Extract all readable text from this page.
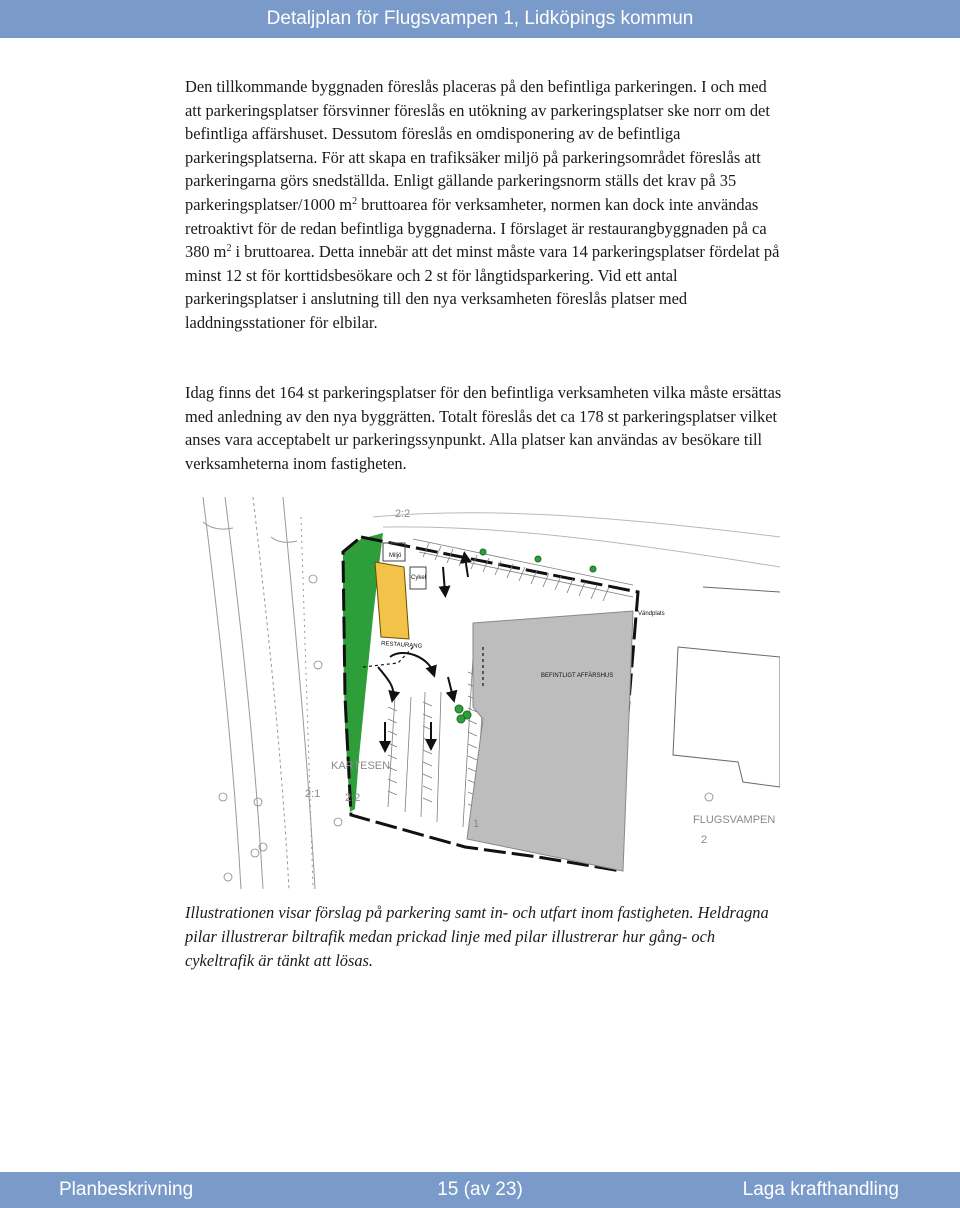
Detaljplan för Flugsvampen 1, Lidköpings kommun

Den tillkommande byggnaden föreslås placeras på den befintliga parkeringen. I och med att parkeringsplatser försvinner föreslås en utökning av parkeringsplatser ske norr om det befintliga affärshuset. Dessutom föreslås en omdisponering av de befintliga parkeringsplatserna. För att skapa en trafiksäker miljö på parkeringsområdet föreslås att parkeringarna görs snedställda. Enligt gällande parkeringsnorm ställs det krav på 35 parkeringsplatser/1000 $m^2$ bruttoarea för verksamheter, normen kan dock inte användas retroaktivt för de redan befintliga byggnaderna. I förslaget är restaurangbyggnaden på ca 380 $m^2$ i bruttoarea. Detta innebär att det minst måste vara 14 parkeringsplatser fördelat på minst 12 st för korttidsbesökare och 2 st för långtidsparkering. Vid ett antal parkeringsplatser i anslutning till den nya verksamheten föreslås platser med laddningsstationer för elbilar.

Idag finns det 164 st parkeringsplatser för den befintliga verksamheten vilka måste ersättas med anledning av den nya byggrätten. Totalt föreslås det ca 178 st parkeringsplatser vilket anses vara acceptabelt ur parkeringssynpunkt. Alla platser kan användas av besökare till verksamheterna inom fastigheten.

RESTAURANG
BEFINTLIGT AFFÄRSHUS
Vändplats
Miljö
Cykel
KARTESEN
FLUGSVAMPEN
2
2:2
2:1 2:2
1

Illustrationen visar förslag på parkering samt in- och utfart inom fastigheten. Heldragna pilar illustrerar biltrafik medan prickad linje med pilar illustrerar hur gång- och cykeltrafik är tänkt att lösas.

Planbeskrivning	15 (av 23)	Laga krafthandling
